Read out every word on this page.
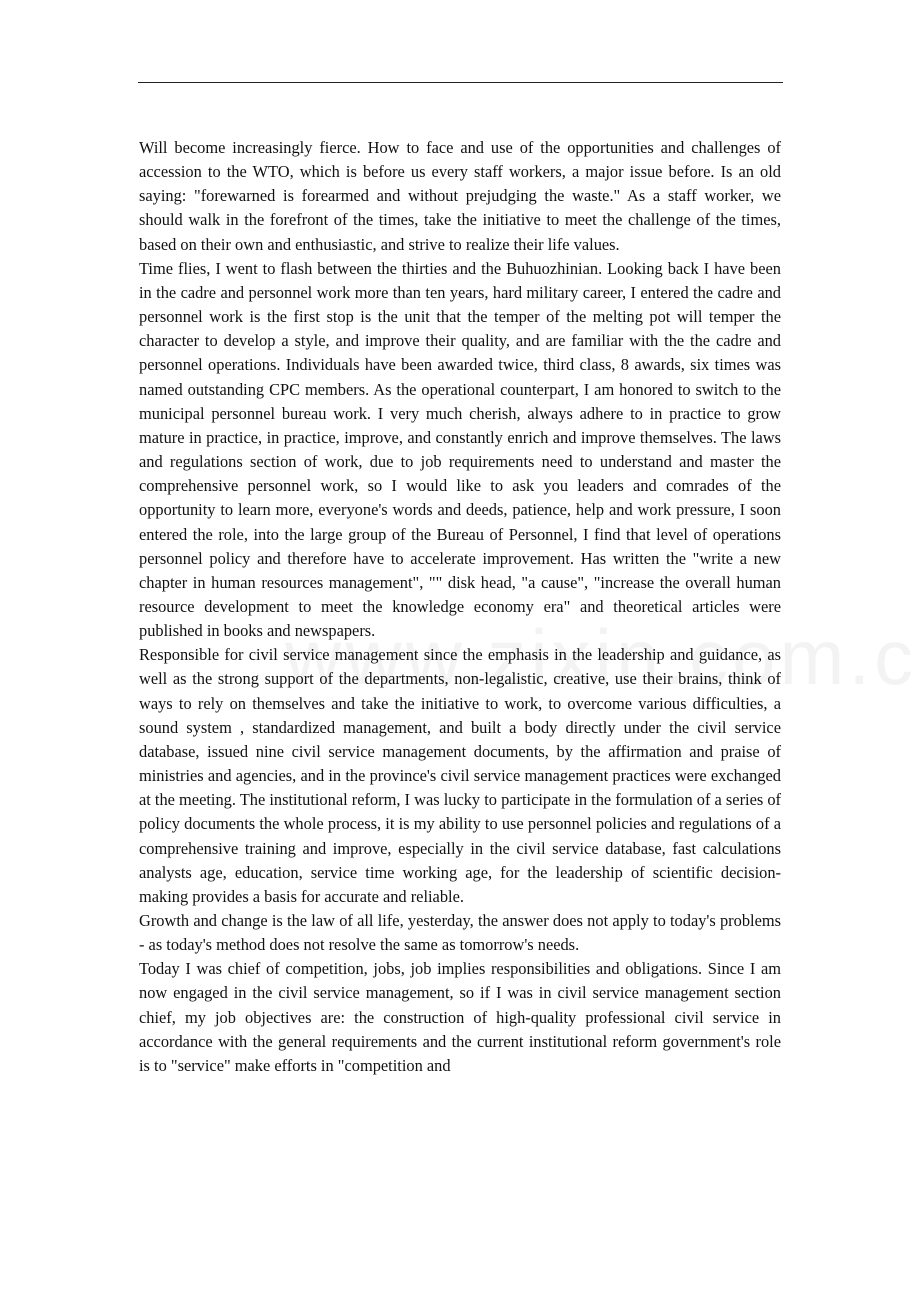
Will become increasingly fierce. How to face and use of the opportunities and challenges of accession to the WTO, which is before us every staff workers, a major issue before. Is an old saying: "forewarned is forearmed and without prejudging the waste." As a staff worker, we should walk in the forefront of the times, take the initiative to meet the challenge of the times, based on their own and enthusiastic, and strive to realize their life values.

Time flies, I went to flash between the thirties and the Buhuozhinian. Looking back I have been in the cadre and personnel work more than ten years, hard military career, I entered the cadre and personnel work is the first stop is the unit that the temper of the melting pot will temper the character to develop a style, and improve their quality, and are familiar with the the cadre and personnel operations. Individuals have been awarded twice, third class, 8 awards, six times was named outstanding CPC members. As the operational counterpart, I am honored to switch to the municipal personnel bureau work. I very much cherish, always adhere to in practice to grow mature in practice, in practice, improve, and constantly enrich and improve themselves. The laws and regulations section of work, due to job requirements need to understand and master the comprehensive personnel work, so I would like to ask you leaders and comrades of the opportunity to learn more, everyone's words and deeds, patience, help and work pressure, I soon entered the role, into the large group of the Bureau of Personnel, I find that level of operations personnel policy and therefore have to accelerate improvement. Has written the "write a new chapter in human resources management", "" disk head, "a cause", "increase the overall human resource development to meet the knowledge economy era" and theoretical articles were published in books and newspapers.

Responsible for civil service management since the emphasis in the leadership and guidance, as well as the strong support of the departments, non-legalistic, creative, use their brains, think of ways to rely on themselves and take the initiative to work, to overcome various difficulties, a sound system , standardized management, and built a body directly under the civil service database, issued nine civil service management documents, by the affirmation and praise of ministries and agencies, and in the province's civil service management practices were exchanged at the meeting. The institutional reform, I was lucky to participate in the formulation of a series of policy documents the whole process, it is my ability to use personnel policies and regulations of a comprehensive training and improve, especially in the civil service database, fast calculations analysts age, education, service time working age, for the leadership of scientific decision-making provides a basis for accurate and reliable.

Growth and change is the law of all life, yesterday, the answer does not apply to today's problems - as today's method does not resolve the same as tomorrow's needs.

Today I was chief of competition, jobs, job implies responsibilities and obligations. Since I am now engaged in the civil service management, so if I was in civil service management section chief, my job objectives are: the construction of high-quality professional civil service in accordance with the general requirements and the current institutional reform government's role is to "service" make efforts in "competition and
